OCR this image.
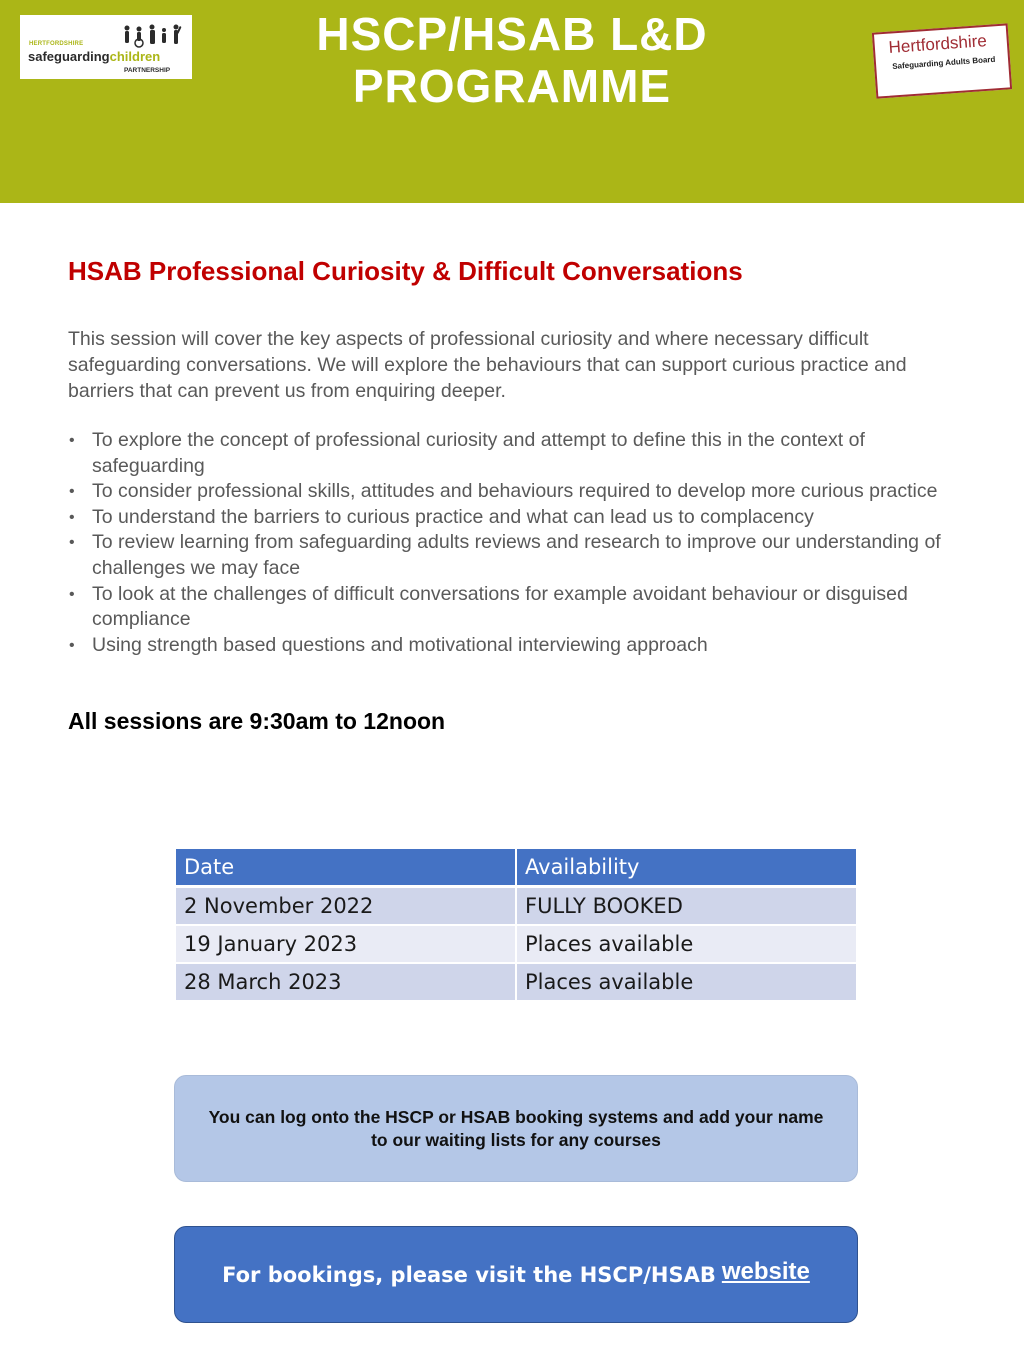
HERTFORDSHIRE
safeguardingchildren
PARTNERSHIP
HSCP/HSAB L&D
PROGRAMME
Hertfordshire
Safeguarding Adults Board
HSAB Professional Curiosity & Difficult Conversations

This session will cover the key aspects of professional curiosity and where necessary difficult safeguarding conversations. We will explore the behaviours that can support curious practice and barriers that can prevent us from enquiring deeper.

• To explore the concept of professional curiosity and attempt to define this in the context of safeguarding
• To consider professional skills, attitudes and behaviours required to develop more curious practice
• To understand the barriers to curious practice and what can lead us to complacency
• To review learning from safeguarding adults reviews and research to improve our understanding of challenges we may face
• To look at the challenges of difficult conversations for example avoidant behaviour or disguised compliance
• Using strength based questions and motivational interviewing approach

All sessions are 9:30am to 12noon

Date	Availability
2 November 2022	FULLY BOOKED
19 January 2023	Places available
28 March 2023	Places available
You can log onto the HSCP or HSAB booking systems and add your name to our waiting lists for any courses
For bookings, please visit the HSCP/HSAB website
